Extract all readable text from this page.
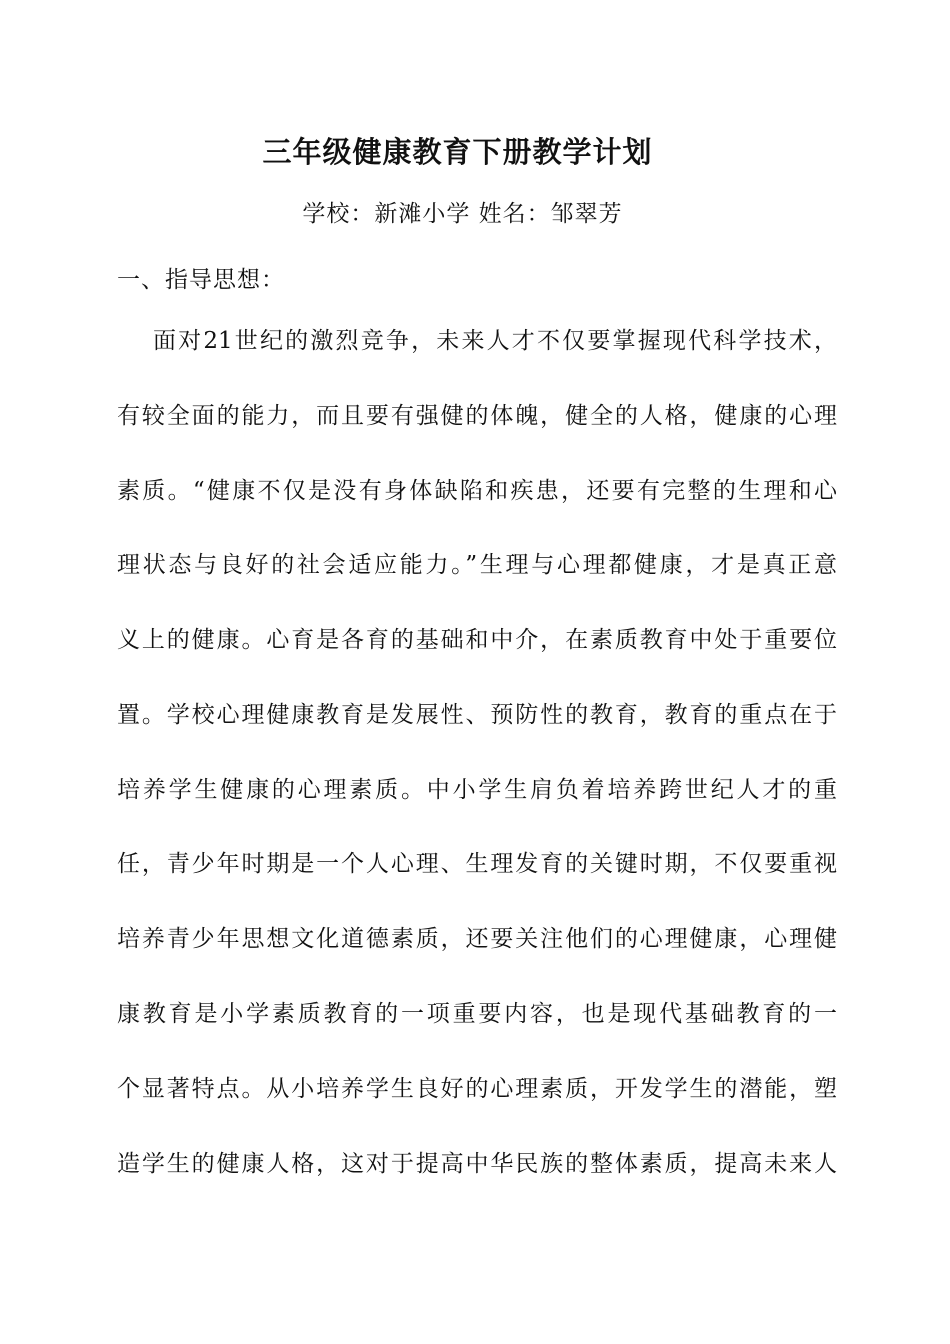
三年级健康教育下册教学计划
学校：新滩小学 姓名：邹翠芳
一、指导思想：
面对21世纪的激烈竞争，未来人才不仅要掌握现代科学技术，
有较全面的能力，而且要有强健的体魄，健全的人格，健康的心理
素质。“健康不仅是没有身体缺陷和疾患，还要有完整的生理和心
理状态与良好的社会适应能力。”生理与心理都健康，才是真正意
义上的健康。心育是各育的基础和中介，在素质教育中处于重要位
置。学校心理健康教育是发展性、预防性的教育，教育的重点在于
培养学生健康的心理素质。中小学生肩负着培养跨世纪人才的重
任，青少年时期是一个人心理、生理发育的关键时期，不仅要重视
培养青少年思想文化道德素质，还要关注他们的心理健康，心理健
康教育是小学素质教育的一项重要内容，也是现代基础教育的一
个显著特点。从小培养学生良好的心理素质，开发学生的潜能，塑
造学生的健康人格，这对于提高中华民族的整体素质，提高未来人
